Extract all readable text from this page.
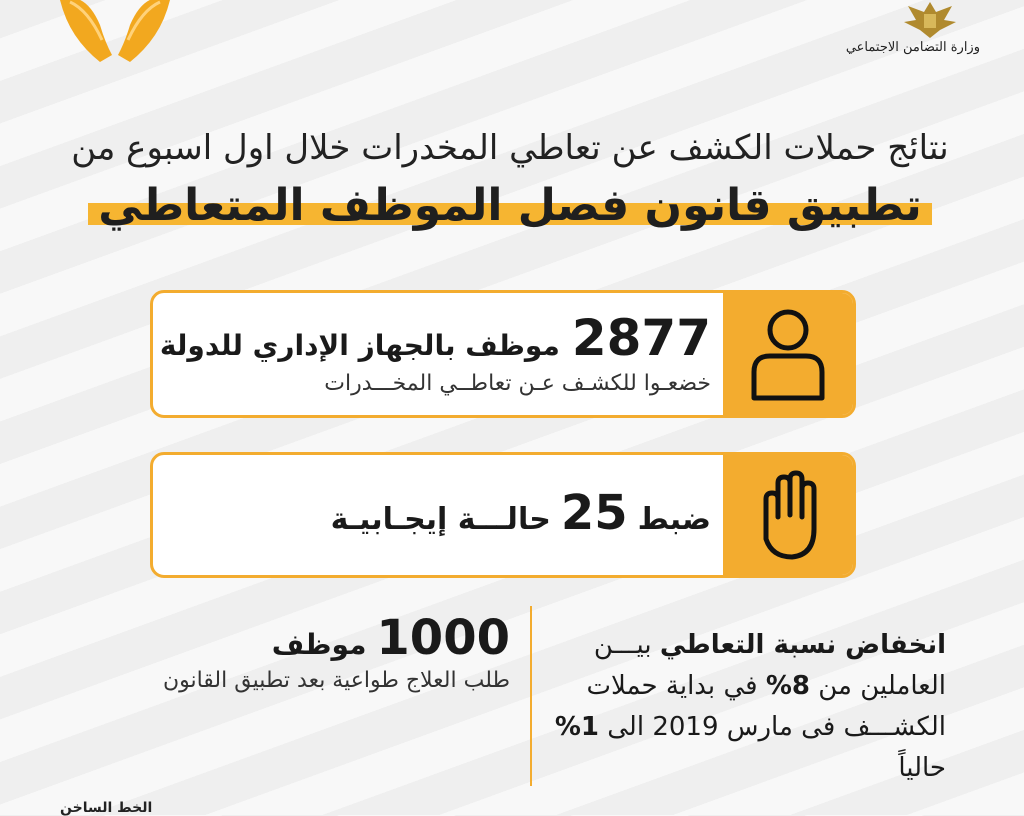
وزارة التضامن الاجتماعي
نتائج حملات الكشف عن تعاطي المخدرات خلال اول اسبوع من
تطبيق قانون فصل الموظف المتعاطي
2877موظف بالجهاز الإداري للدولة
خضعـوا للكشـف عـن تعاطــي المخـــدرات
ضبط25حالـــة إيجـابيـة
انخفاض نسبة التعاطي بيـــن
العاملين من 8% في بداية حملات
الكشـــف فى مارس 2019 الى 1%
حالياً
1000موظف
طلب العلاج طواعية بعد تطبيق القانون
الخط الساخن
